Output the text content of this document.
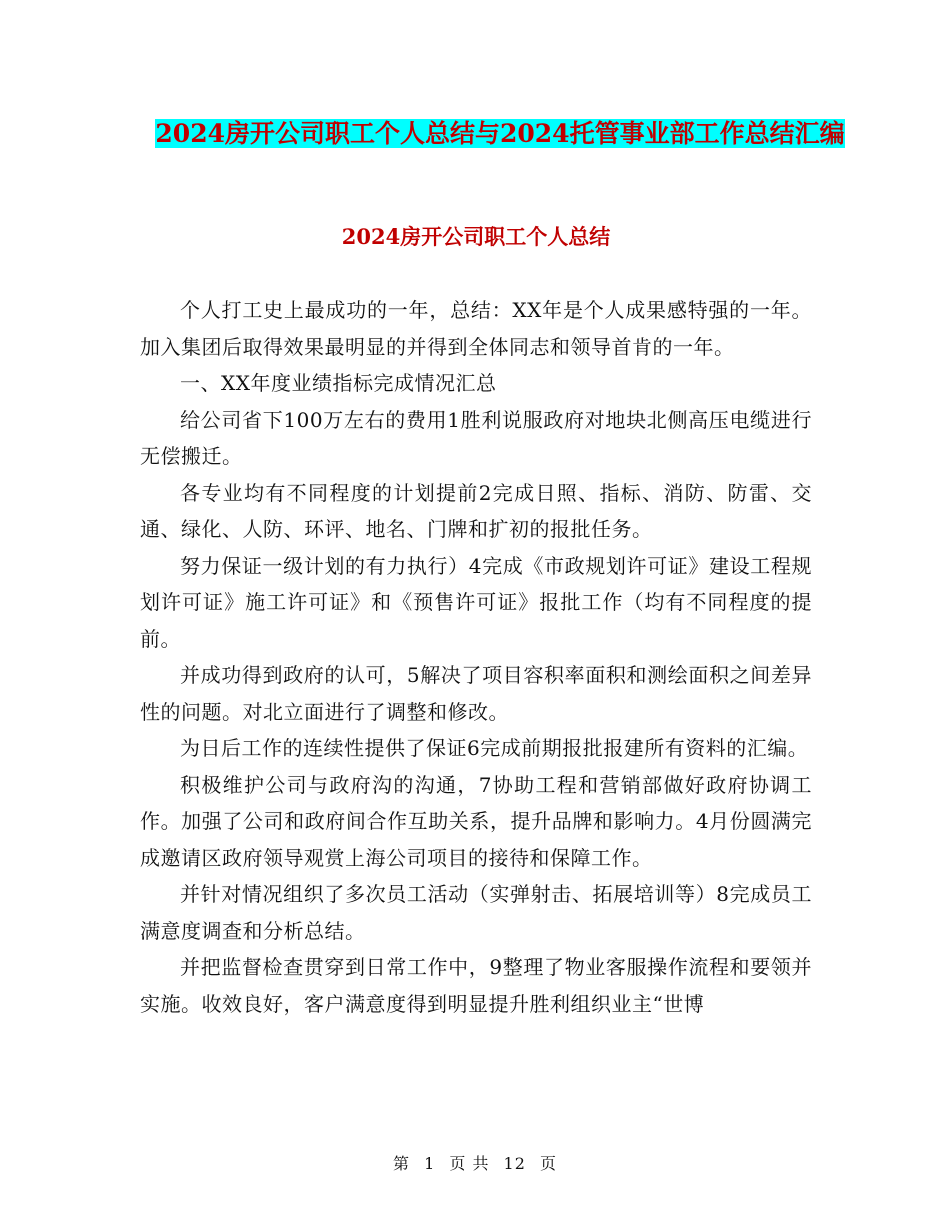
2024房开公司职工个人总结与2024托管事业部工作总结汇编
2024房开公司职工个人总结

个人打工史上最成功的一年，总结：XX年是个人成果感特强的一年。加入集团后取得效果最明显的并得到全体同志和领导首肯的一年。

一、XX年度业绩指标完成情况汇总

给公司省下100万左右的费用1胜利说服政府对地块北侧高压电缆进行无偿搬迁。

各专业均有不同程度的计划提前2完成日照、指标、消防、防雷、交通、绿化、人防、环评、地名、门牌和扩初的报批任务。

努力保证一级计划的有力执行）4完成《市政规划许可证》建设工程规划许可证》施工许可证》和《预售许可证》报批工作（均有不同程度的提前。

并成功得到政府的认可，5解决了项目容积率面积和测绘面积之间差异性的问题。对北立面进行了调整和修改。

为日后工作的连续性提供了保证6完成前期报批报建所有资料的汇编。

积极维护公司与政府沟的沟通，7协助工程和营销部做好政府协调工作。加强了公司和政府间合作互助关系，提升品牌和影响力。4月份圆满完成邀请区政府领导观赏上海公司项目的接待和保障工作。

并针对情况组织了多次员工活动（实弹射击、拓展培训等）8完成员工满意度调查和分析总结。

并把监督检查贯穿到日常工作中，9整理了物业客服操作流程和要领并实施。收效良好，客户满意度得到明显提升胜利组织业主“世博

第 1 页 共 12 页
